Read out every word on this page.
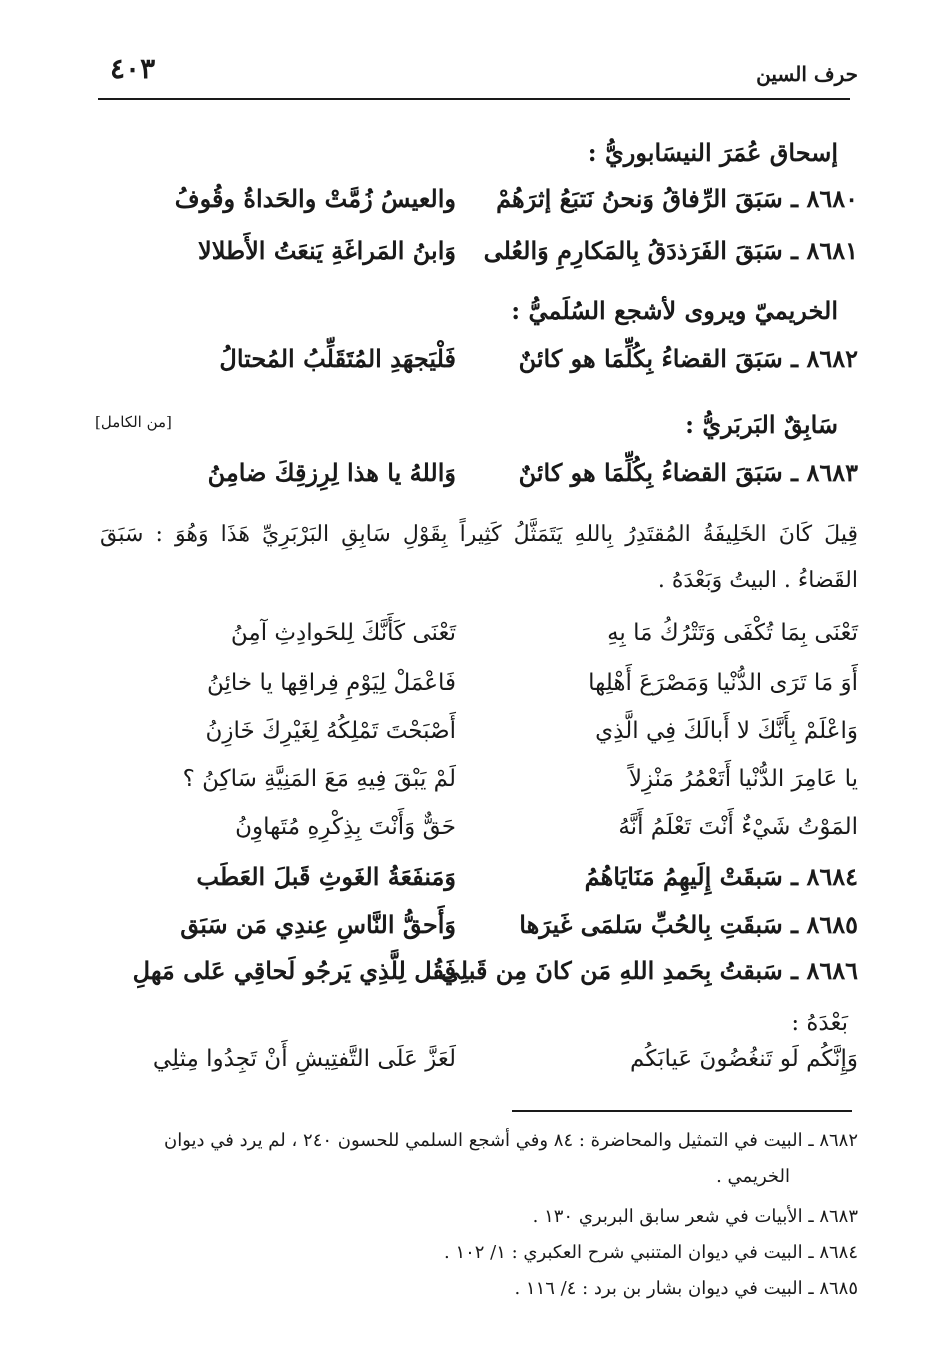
حرف السين
٤٠٣
إسحاق عُمَرَ النيسَابوريُّ :
٨٦٨٠ ـ سَبَقَ الرِّفاقُ وَنحنُ نَتبَعُ إثرَهُمْ
والعيسُ زُمَّتْ والحَداةُ وقُوفُ
٨٦٨١ ـ سَبَقَ الفَرَذدَقُ بِالمَكارِمِ وَالعُلى
وَابنُ المَراغَةِ يَنعَتُ الأَطلالا
الخريميّ ويروى لأشجع السُلَميُّ :
٨٦٨٢ ـ سَبَقَ القضاءُ بِكُلِّمَا هو كائنٌ
فَلْيَجهَدِ المُتَقَلِّبُ المُحتالُ
سَابِقٌ البَربَريُّ :
[من الكامل]
٨٦٨٣ ـ سَبَقَ القضاءُ بِكُلِّمَا هو كائنٌ
وَاللهُ يا هذا لِرِزقِكَ ضامِنُ
قِيلَ كَانَ الخَلِيفَةُ المُقتَدِرُ بِاللهِ يَتَمَثَّلُ كَثِيراً بِقَوْلِ سَابِقِ البَرْبَرِيِّ هَذَا وَهُوَ : سَبَقَ
القَضاءُ . البيتُ وَبَعْدَهُ .
تَعْنَى بِمَا تُكْفَى وَتَتْرُكُ مَا بِهِ
تَعْنَى كَأَنَّكَ لِلحَوادِثِ آمِنُ
أَوَ مَا تَرَى الدُّنْيا وَمَصْرَعَ أَهْلِها
فَاعْمَلْ لِيَوْمِ فِراقِها يا خائِنُ
وَاعْلَمْ بِأَنَّكَ لا أَبالَكَ فِي الَّذِي
أَصْبَحْتَ تَمْلِكُهُ لِغَيْرِكَ خَازِنُ
يا عَامِرَ الدُّنْيا أَتَعْمُرُ مَنْزِلاً
لَمْ يَبْقَ فِيهِ مَعَ المَنِيَّةِ سَاكِنُ ؟
المَوْتُ شَيْءٌ أَنْتَ تَعْلَمُ أَنَّهُ
حَقٌّ وَأَنْتَ بِذِكْرِهِ مُتَهاوِنُ
٨٦٨٤ ـ سَبقَتْ إِلَيهِمُ مَنَايَاهُمُ
وَمَنفَعَةُ الغَوثِ قَبلَ العَطَب
٨٦٨٥ ـ سَبقَتِ بِالحُبِّ سَلمَى غَيرَها
وَأَحقُّ النَّاسِ عِندِي مَن سَبَق
٨٦٨٦ ـ سَبقتُ بِحَمدِ اللهِ مَن كانَ مِن قَبلِي
فَقُل لِلَّذِي يَرجُو لَحاقِي عَلى مَهلِ
بَعْدَهُ :
وَإِنَّكُم لَو تَنغُضُونَ عَيابَكُم
لَعَزَّ عَلَى التَّفتِيشِ أَنْ تَجِدُوا مِثلِي
٨٦٨٢ ـ البيت في التمثيل والمحاضرة : ٨٤ وفي أشجع السلمي للحسون ٢٤٠ ، لم يرد في ديوان
الخريمي .
٨٦٨٣ ـ الأبيات في شعر سابق البربري ١٣٠ .
٨٦٨٤ ـ البيت في ديوان المتنبي شرح العكبري : ١/ ١٠٢ .
٨٦٨٥ ـ البيت في ديوان بشار بن برد : ٤/ ١١٦ .
